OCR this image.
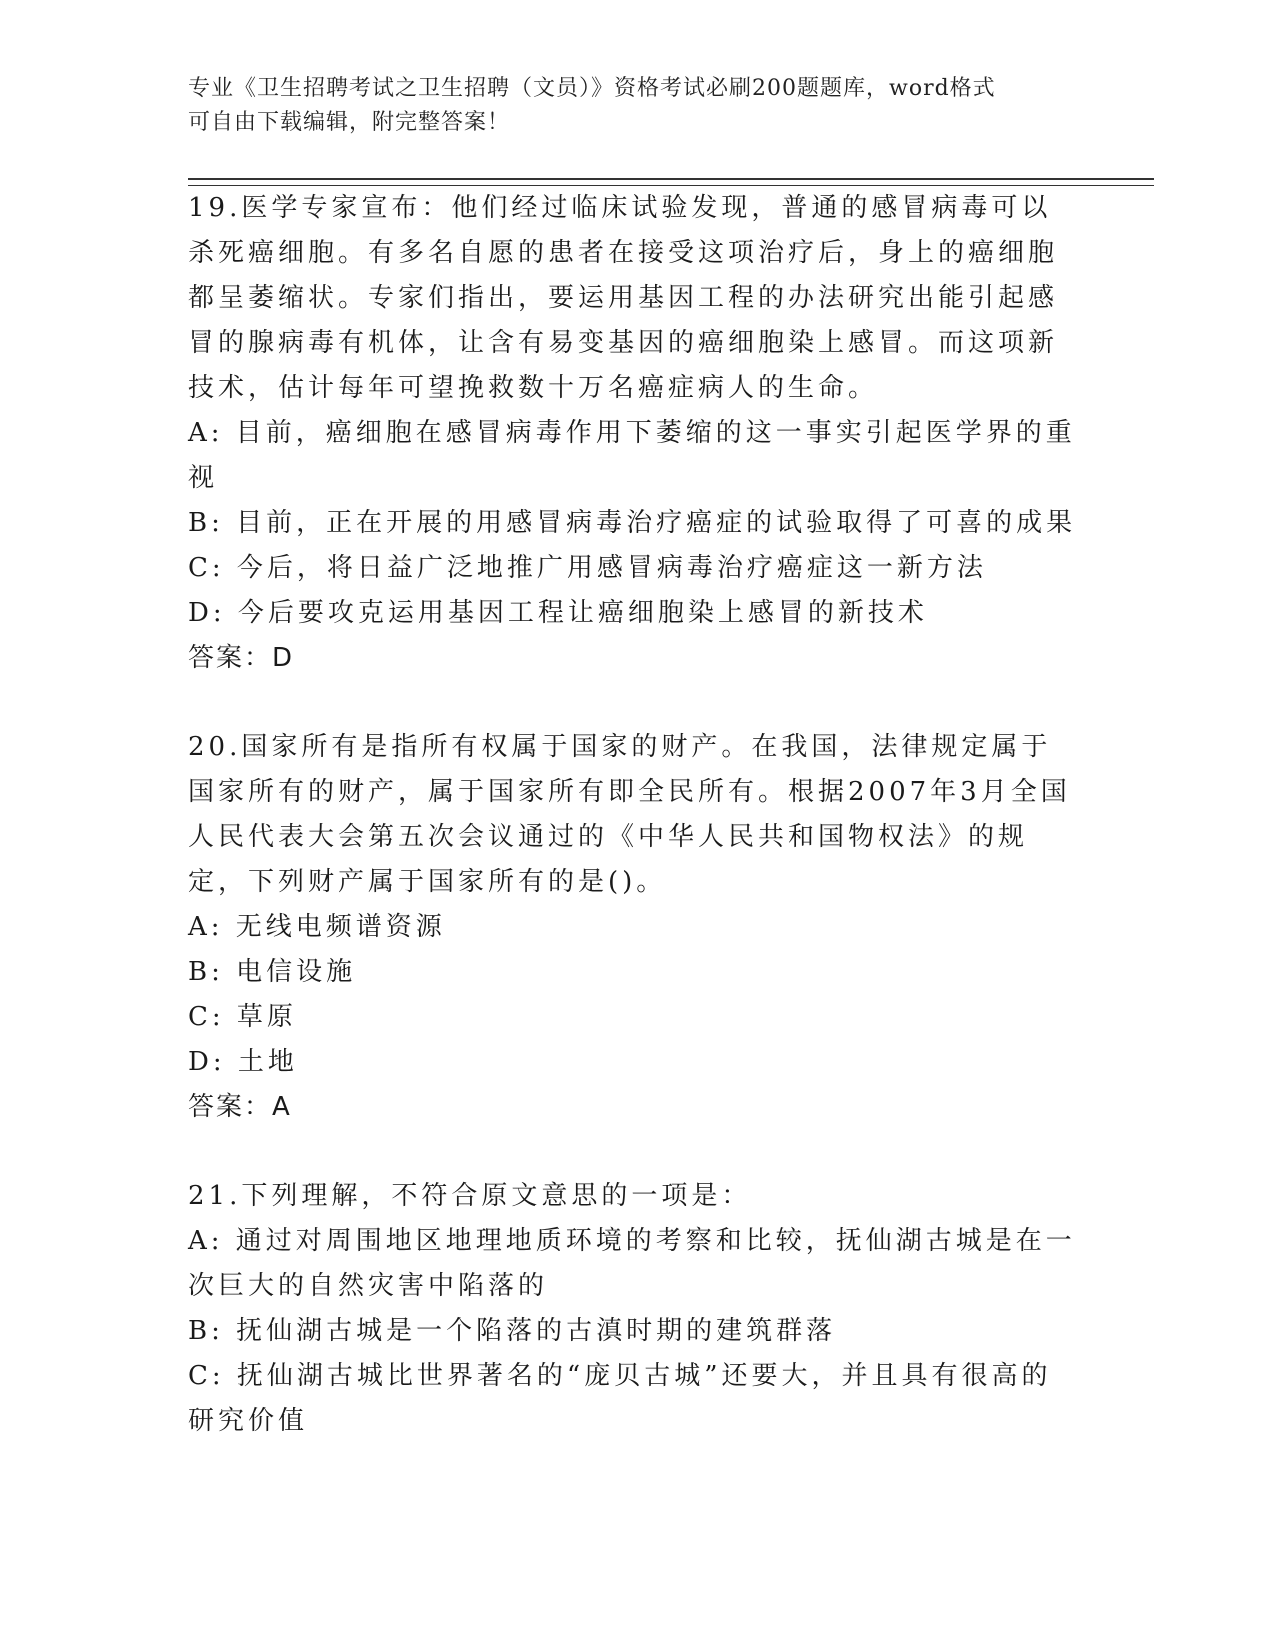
专业《卫生招聘考试之卫生招聘（文员）》资格考试必刷200题题库，word格式
可自由下载编辑，附完整答案！

19.医学专家宣布：他们经过临床试验发现，普通的感冒病毒可以杀死癌细胞。有多名自愿的患者在接受这项治疗后，身上的癌细胞都呈萎缩状。专家们指出，要运用基因工程的办法研究出能引起感冒的腺病毒有机体，让含有易变基因的癌细胞染上感冒。而这项新技术，估计每年可望挽救数十万名癌症病人的生命。

A: 目前，癌细胞在感冒病毒作用下萎缩的这一事实引起医学界的重视

B: 目前，正在开展的用感冒病毒治疗癌症的试验取得了可喜的成果

C: 今后，将日益广泛地推广用感冒病毒治疗癌症这一新方法

D: 今后要攻克运用基因工程让癌细胞染上感冒的新技术

答案：D

20.国家所有是指所有权属于国家的财产。在我国，法律规定属于国家所有的财产，属于国家所有即全民所有。根据2007年3月全国人民代表大会第五次会议通过的《中华人民共和国物权法》的规定，下列财产属于国家所有的是()。

A: 无线电频谱资源

B: 电信设施

C: 草原

D: 土地

答案：A

21.下列理解，不符合原文意思的一项是：

A: 通过对周围地区地理地质环境的考察和比较，抚仙湖古城是在一次巨大的自然灾害中陷落的

B: 抚仙湖古城是一个陷落的古滇时期的建筑群落

C: 抚仙湖古城比世界著名的“庞贝古城”还要大，并且具有很高的研究价值
